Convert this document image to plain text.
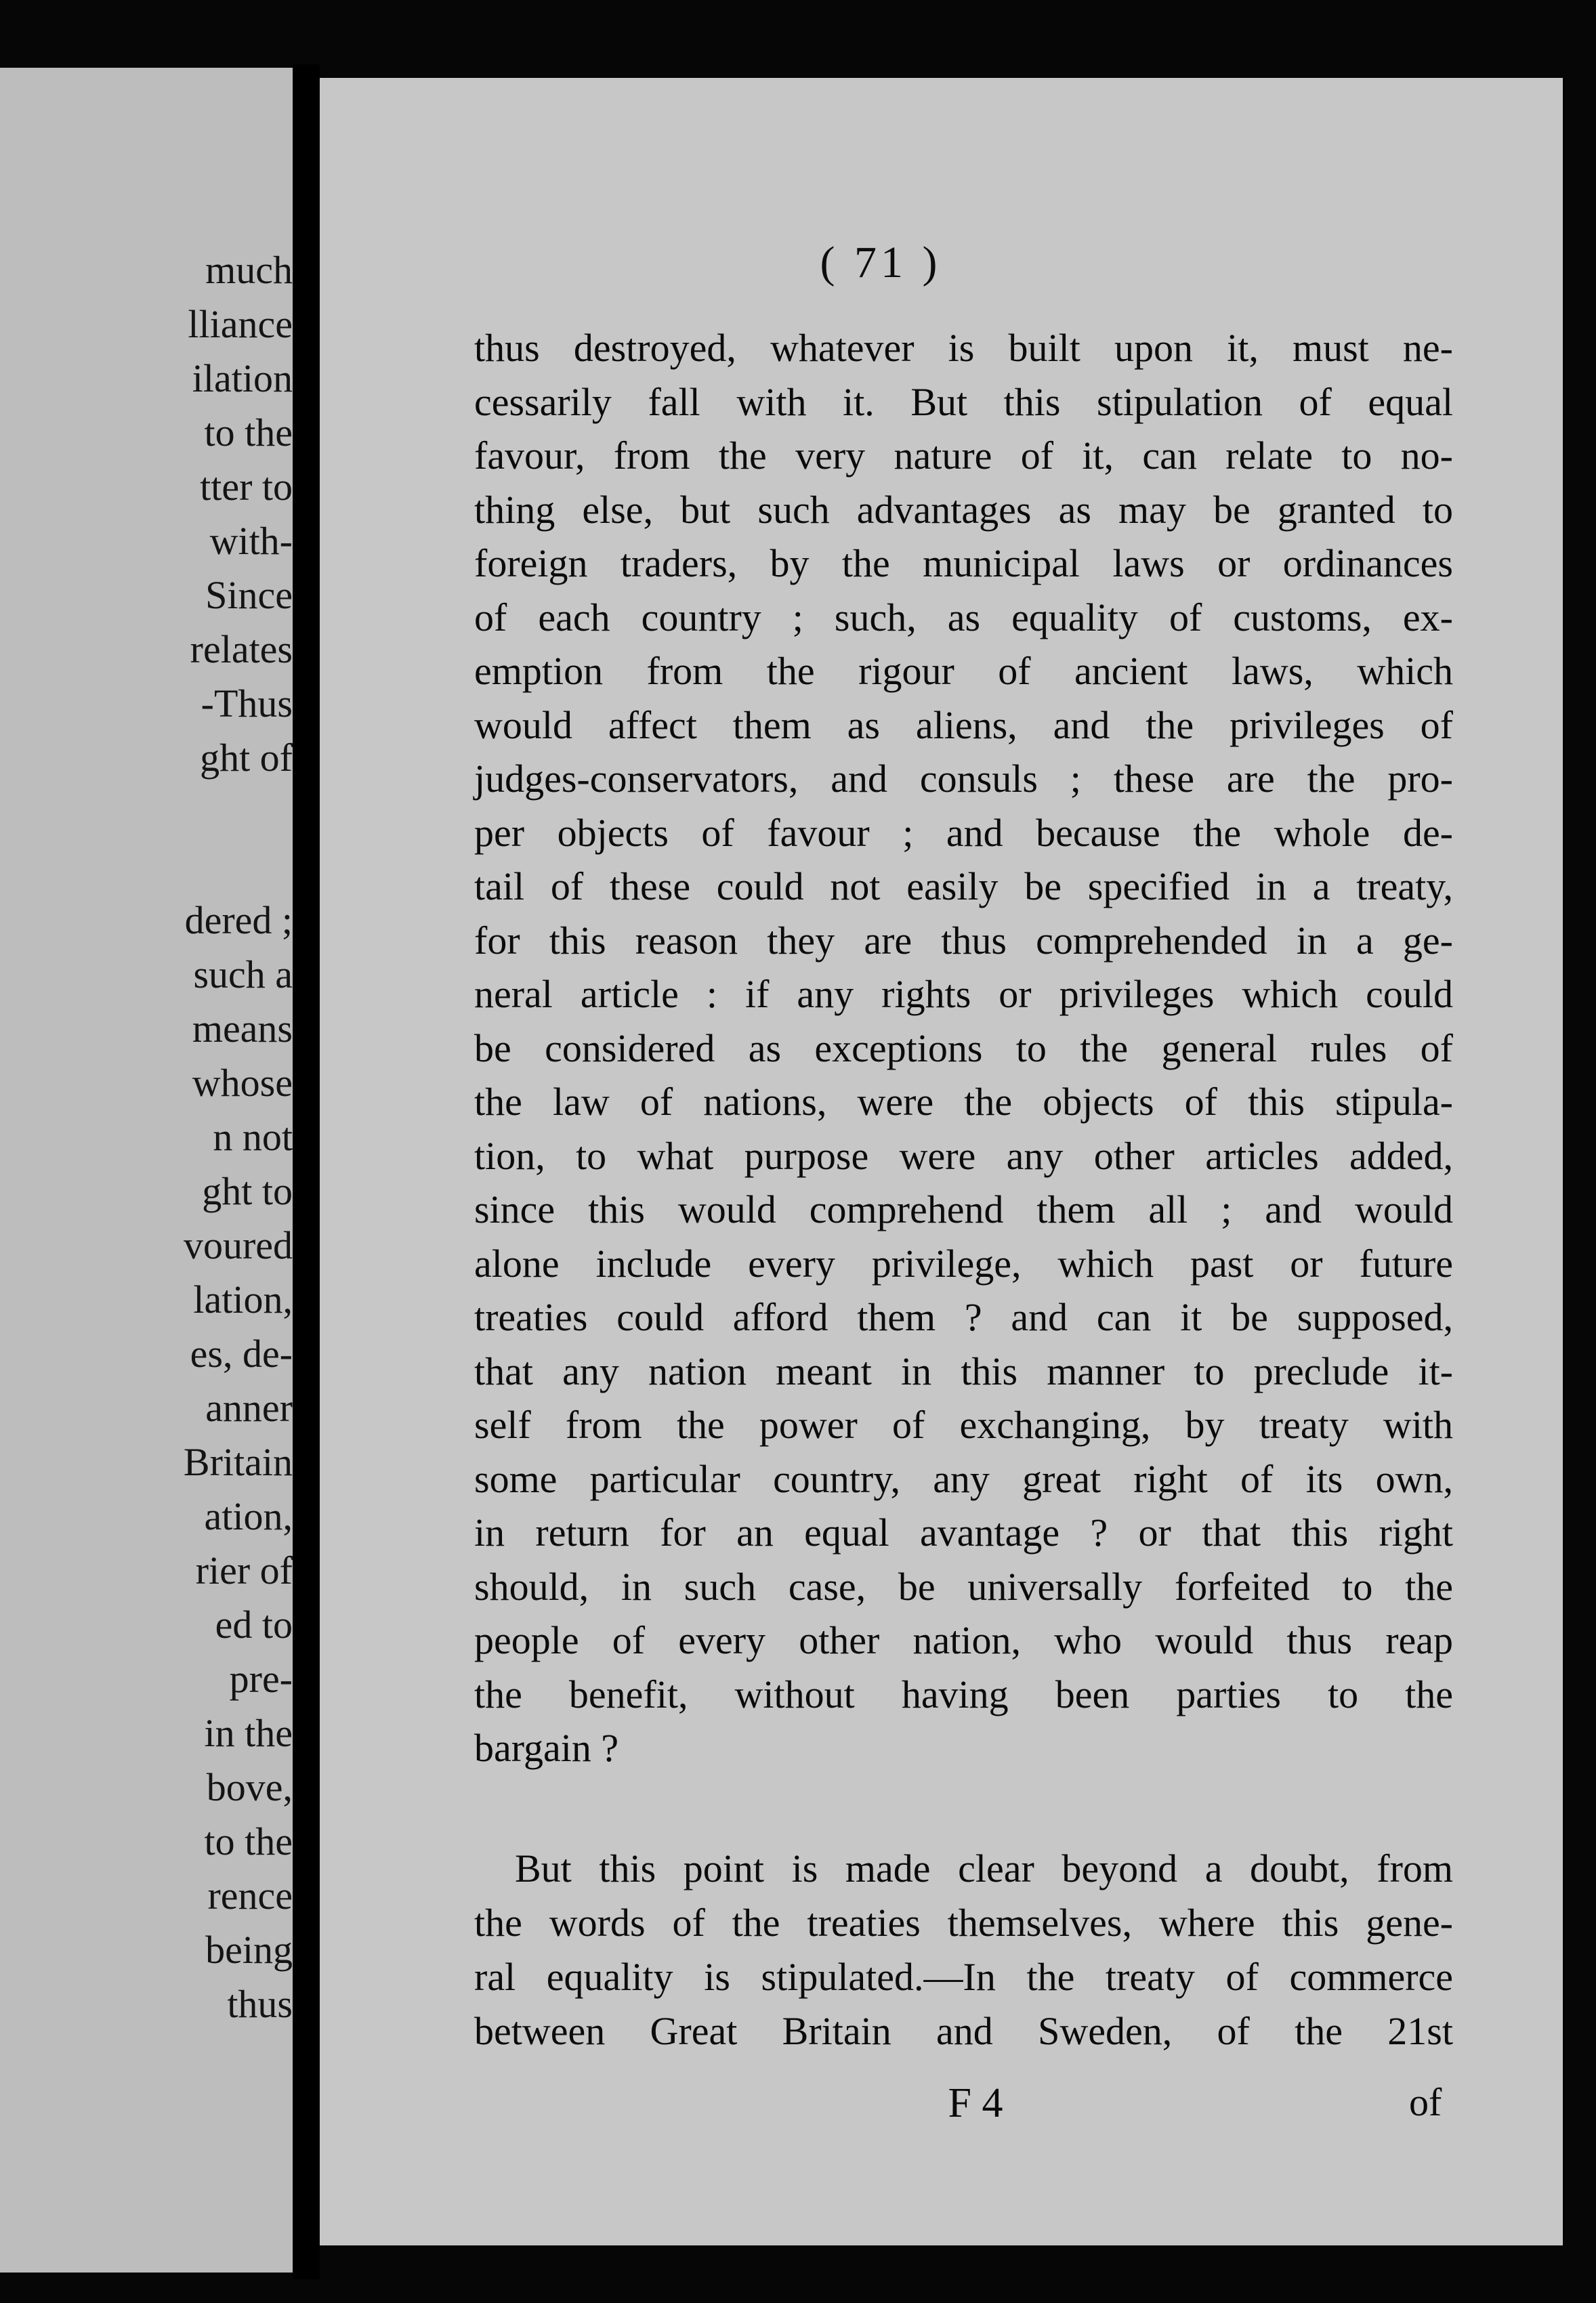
much
lliance
ilation
to the
tter to
with-
Since
relates
-Thus
ght of
dered ;
such a
means
whose
n not
ght to
voured
lation,
es, de-
anner
Britain
ation,
rier of
ed to
pre-
in the
bove,
to the
rence
being
thus
( 71 )
thus destroyed, whatever is built upon it, must ne-
cessarily fall with it. But this stipulation of equal
favour, from the very nature of it, can relate to no-
thing else, but such advantages as may be granted to
foreign traders, by the municipal laws or ordinances
of each country ; such, as equality of customs, ex-
emption from the rigour of ancient laws, which
would affect them as aliens, and the privileges of
judges-conservators, and consuls ; these are the pro-
per objects of favour ; and because the whole de-
tail of these could not easily be specified in a treaty,
for this reason they are thus comprehended in a ge-
neral article : if any rights or privileges which could
be considered as exceptions to the general rules of
the law of nations, were the objects of this stipula-
tion, to what purpose were any other articles added,
since this would comprehend them all ; and would
alone include every privilege, which past or future
treaties could afford them ? and can it be supposed,
that any nation meant in this manner to preclude it-
self from the power of exchanging, by treaty with
some particular country, any great right of its own,
in return for an equal avantage ? or that this right
should, in such case, be universally forfeited to the
people of every other nation, who would thus reap
the benefit, without having been parties to the
bargain ?
But this point is made clear beyond a doubt, from
the words of the treaties themselves, where this gene-
ral equality is stipulated.—In the treaty of commerce
between Great Britain and Sweden, of the 21st
F 4	of
